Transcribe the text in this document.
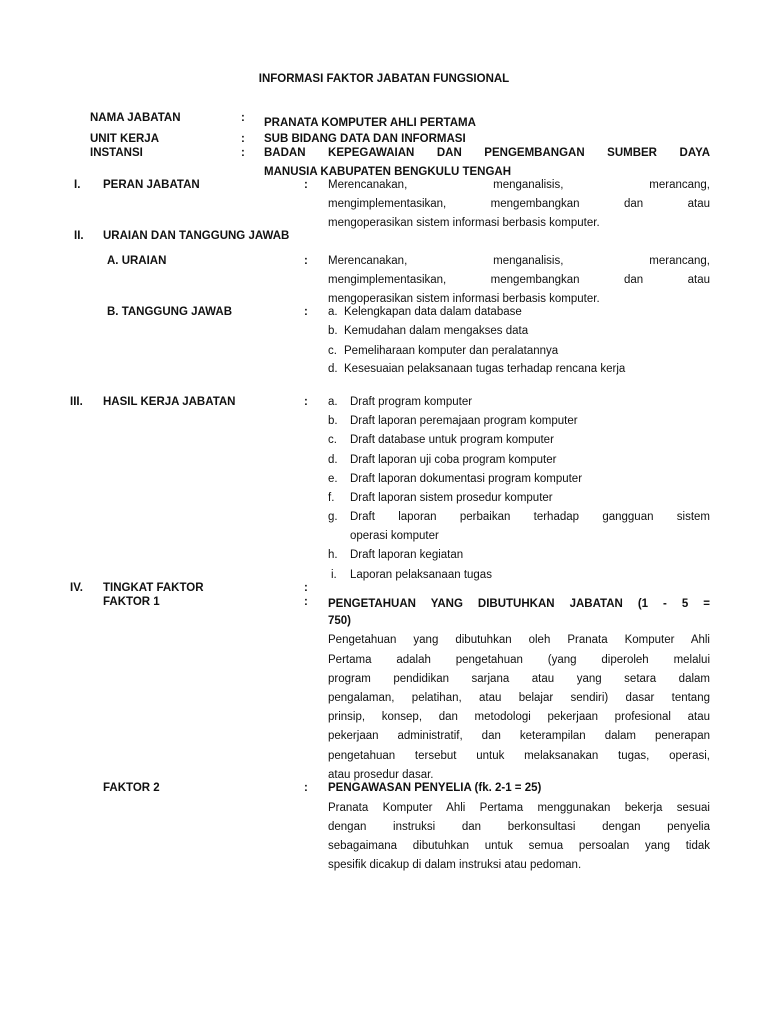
INFORMASI FAKTOR JABATAN FUNGSIONAL
NAMA JABATAN	: PRANATA KOMPUTER AHLI PERTAMA
UNIT KERJA	: SUB BIDANG DATA DAN INFORMASI
INSTANSI	: BADAN KEPEGAWAIAN DAN PENGEMBANGAN SUMBER DAYA
MANUSIA KABUPATEN BENGKULU TENGAH
I. PERAN JABATAN	: Merencanakan, menganalisis, merancang,
mengimplementasikan, mengembangkan dan atau
mengoperasikan sistem informasi berbasis komputer.
II. URAIAN DAN TANGGUNG JAWAB
A. URAIAN	: Merencanakan, menganalisis, merancang,
mengimplementasikan, mengembangkan dan atau
mengoperasikan sistem informasi berbasis komputer.
B. TANGGUNG JAWAB	: a. Kelengkapan data dalam database
b. Kemudahan dalam mengakses data
c. Pemeliharaan komputer dan peralatannya
d. Kesesuaian pelaksanaan tugas terhadap rencana kerja
III. HASIL KERJA JABATAN	: a.	Draft program komputer
b.	Draft laporan peremajaan program komputer
c.	Draft database untuk program komputer
d.	Draft laporan uji coba program komputer
e.	Draft laporan dokumentasi program komputer
f.	Draft laporan sistem prosedur komputer
g.	Draft laporan perbaikan terhadap gangguan sistem
operasi komputer
h.	Draft laporan kegiatan
i.	Laporan pelaksanaan tugas
IV. TINGKAT FAKTOR	:
FAKTOR 1	: PENGETAHUAN YANG DIBUTUHKAN JABATAN (1 - 5 =
750)
Pengetahuan yang dibutuhkan oleh Pranata Komputer Ahli
Pertama adalah pengetahuan (yang diperoleh melalui
program pendidikan sarjana atau yang setara dalam
pengalaman, pelatihan, atau belajar sendiri) dasar tentang
prinsip, konsep, dan metodologi pekerjaan profesional atau
pekerjaan administratif, dan keterampilan dalam penerapan
pengetahuan tersebut untuk melaksanakan tugas, operasi,
atau prosedur dasar.
FAKTOR 2	: PENGAWASAN PENYELIA (fk. 2-1 = 25)
Pranata Komputer Ahli Pertama menggunakan bekerja sesuai
dengan instruksi dan berkonsultasi dengan penyelia
sebagaimana dibutuhkan untuk semua persoalan yang tidak
spesifik dicakup di dalam instruksi atau pedoman.
